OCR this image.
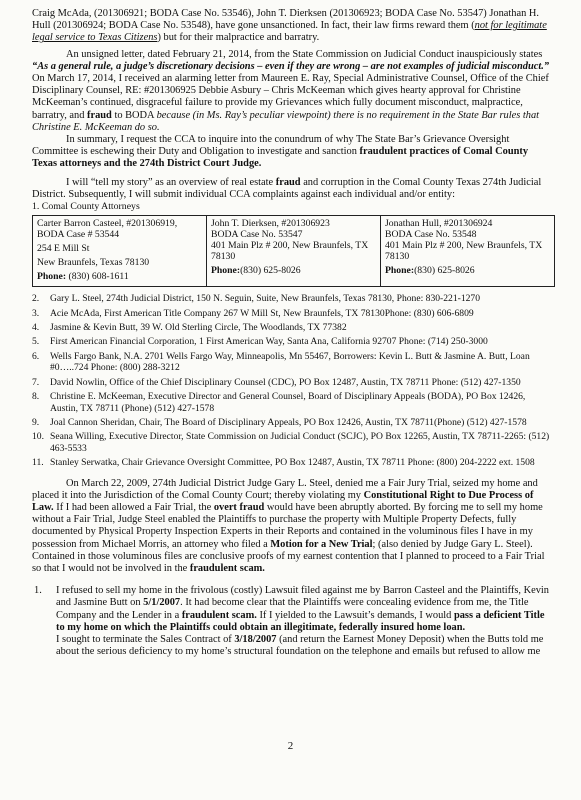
Craig McAda, (201306921; BODA Case No. 53546), John T. Dierksen (201306923; BODA Case No. 53547) Jonathan H. Hull (201306924; BODA Case No. 53548), have gone unsanctioned. In fact, their law firms reward them (not for legitimate legal service to Texas Citizens) but for their malpractice and barratry.

An unsigned letter, dated February 21, 2014, from the State Commission on Judicial Conduct inauspiciously states “As a general rule, a judge’s discretionary decisions – even if they are wrong – are not examples of judicial misconduct.” On March 17, 2014, I received an alarming letter from Maureen E. Ray, Special Administrative Counsel, Office of the Chief Disciplinary Counsel, RE: #201306925 Debbie Asbury – Chris McKeeman which gives hearty approval for Christine McKeeman’s continued, disgraceful failure to provide my Grievances which fully document misconduct, malpractice, barratry, and fraud to BODA because (in Ms. Ray’s peculiar viewpoint) there is no requirement in the State Bar rules that Christine E. McKeeman do so.

In summary, I request the CCA to inquire into the conundrum of why The State Bar’s Grievance Oversight Committee is eschewing their Duty and Obligation to investigate and sanction fraudulent practices of Comal County Texas attorneys and the 274th District Court Judge.

I will “tell my story” as an overview of real estate fraud and corruption in the Comal County Texas 274th Judicial District. Subsequently, I will submit individual CCA complaints against each individual and/or entity:

1. Comal County Attorneys

Carter Barron Casteel, #201306919,
BODA Case # 53544
254 E Mill St
New Braunfels, Texas 78130
Phone: (830) 608-1611

John T. Dierksen, #201306923
BODA Case No. 53547
401 Main Plz # 200, New Braunfels, TX 78130
Phone:(830) 625-8026

Jonathan Hull, #201306924
BODA Case No. 53548
401 Main Plz # 200, New Braunfels, TX 78130
Phone:(830) 625-8026
2.	Gary L. Steel, 274th Judicial District, 150 N. Seguin, Suite, New Braunfels, Texas 78130, Phone: 830-221-1270
3.	Acie McAda, First American Title Company 267 W Mill St, New Braunfels, TX 78130Phone: (830) 606-6809
4.	Jasmine & Kevin Butt, 39 W. Old Sterling Circle, The Woodlands, TX 77382
5.	First American Financial Corporation, 1 First American Way, Santa Ana, California 92707 Phone: (714) 250-3000
6.	Wells Fargo Bank, N.A. 2701 Wells Fargo Way, Minneapolis, Mn 55467, Borrowers: Kevin L. Butt & Jasmine A. Butt, Loan #0…..724 Phone: (800) 288-3212
7.	David Nowlin, Office of the Chief Disciplinary Counsel (CDC), PO Box 12487, Austin, TX 78711 Phone: (512) 427-1350
8.	Christine E. McKeeman, Executive Director and General Counsel, Board of Disciplinary Appeals (BODA), PO Box 12426, Austin, TX 78711 (Phone) (512) 427-1578
9.	Joal Cannon Sheridan, Chair, The Board of Disciplinary Appeals, PO Box 12426, Austin, TX 78711(Phone) (512) 427-1578
10. Seana Willing, Executive Director, State Commission on Judicial Conduct (SCJC), PO Box 12265, Austin, TX 78711-2265: (512) 463-5533
11. Stanley Serwatka, Chair Grievance Oversight Committee, PO Box 12487, Austin, TX 78711 Phone: (800) 204-2222 ext. 1508

On March 22, 2009, 274th Judicial District Judge Gary L. Steel, denied me a Fair Jury Trial, seized my home and placed it into the Jurisdiction of the Comal County Court; thereby violating my Constitutional Right to Due Process of Law. If I had been allowed a Fair Trial, the overt fraud would have been abruptly aborted. By forcing me to sell my home without a Fair Trial, Judge Steel enabled the Plaintiffs to purchase the property with Multiple Property Defects, fully documented by Physical Property Inspection Experts in their Reports and contained in the voluminous files I have in my possession from Michael Morris, an attorney who filed a Motion for a New Trial; (also denied by Judge Gary L. Steel). Contained in those voluminous files are conclusive proofs of my earnest contention that I planned to proceed to a Fair Trial so that I would not be involved in the fraudulent scam.

1.	I refused to sell my home in the frivolous (costly) Lawsuit filed against me by Barron Casteel and the Plaintiffs, Kevin and Jasmine Butt on 5/1/2007. It had become clear that the Plaintiffs were concealing evidence from me, the Title Company and the Lender in a fraudulent scam. If I yielded to the Lawsuit’s demands, I would pass a deficient Title to my home on which the Plaintiffs could obtain an illegitimate, federally insured home loan.

I sought to terminate the Sales Contract of 3/18/2007 (and return the Earnest Money Deposit) when the Butts told me about the serious deficiency to my home’s structural foundation on the telephone and emails but refused to allow me

2
